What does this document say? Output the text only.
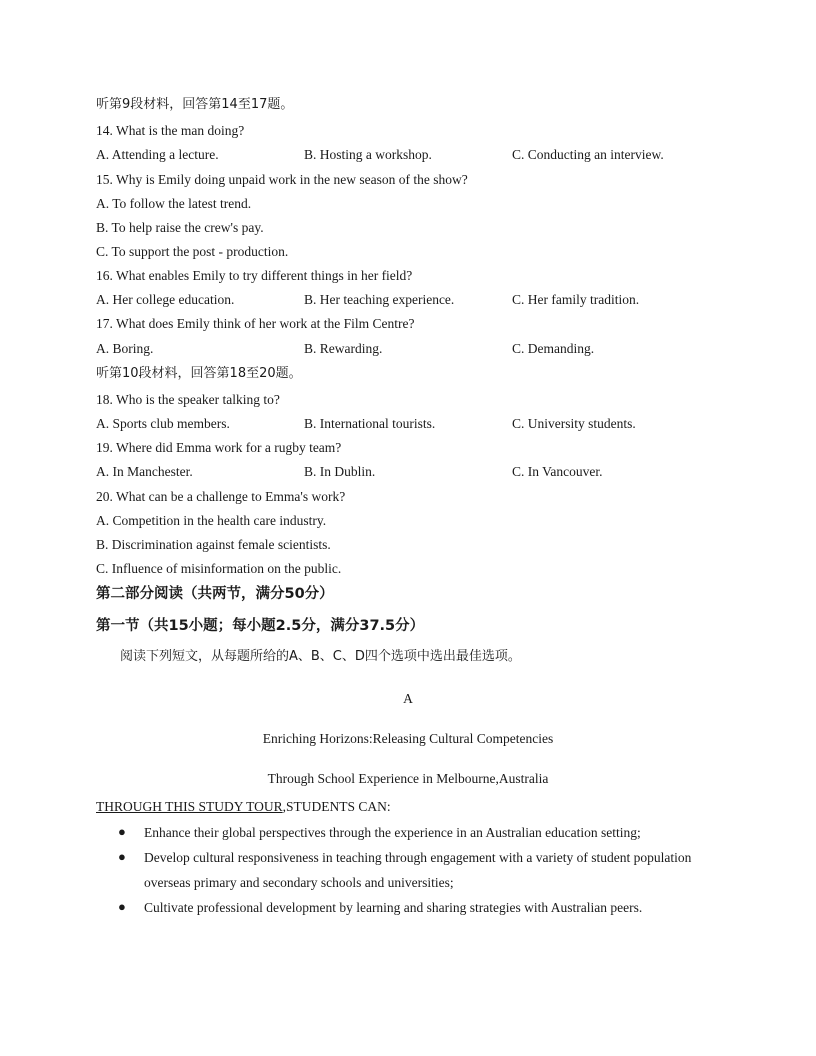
听第9段材料，回答第14至17题。
14. What is the man doing?
A. Attending a lecture.	B. Hosting a workshop.	C. Conducting an interview.
15. Why is Emily doing unpaid work in the new season of the show?
A. To follow the latest trend.
B. To help raise the crew's pay.
C. To support the post - production.
16. What enables Emily to try different things in her field?
A. Her college education.	B. Her teaching experience.	C. Her family tradition.
17. What does Emily think of her work at the Film Centre?
A. Boring.	B. Rewarding.	C. Demanding.
听第10段材料，回答第18至20题。
18. Who is the speaker talking to?
A. Sports club members.	B. International tourists.	C. University students.
19. Where did Emma work for a rugby team?
A. In Manchester.	B. In Dublin.	C. In Vancouver.
20. What can be a challenge to Emma's work?
A. Competition in the health care industry.
B. Discrimination against female scientists.
C. Influence of misinformation on the public.
第二部分阅读（共两节，满分50分）
第一节（共15小题；每小题2.5分，满分37.5分）
阅读下列短文，从每题所给的A、B、C、D四个选项中选出最佳选项。
A
Enriching Horizons:Releasing Cultural Competencies
Through School Experience in Melbourne,Australia
THROUGH THIS STUDY TOUR,STUDENTS CAN:
● Enhance their global perspectives through the experience in an Australian education setting;
● Develop cultural responsiveness in teaching through engagement with a variety of student population overseas primary and secondary schools and universities;
● Cultivate professional development by learning and sharing strategies with Australian peers.
